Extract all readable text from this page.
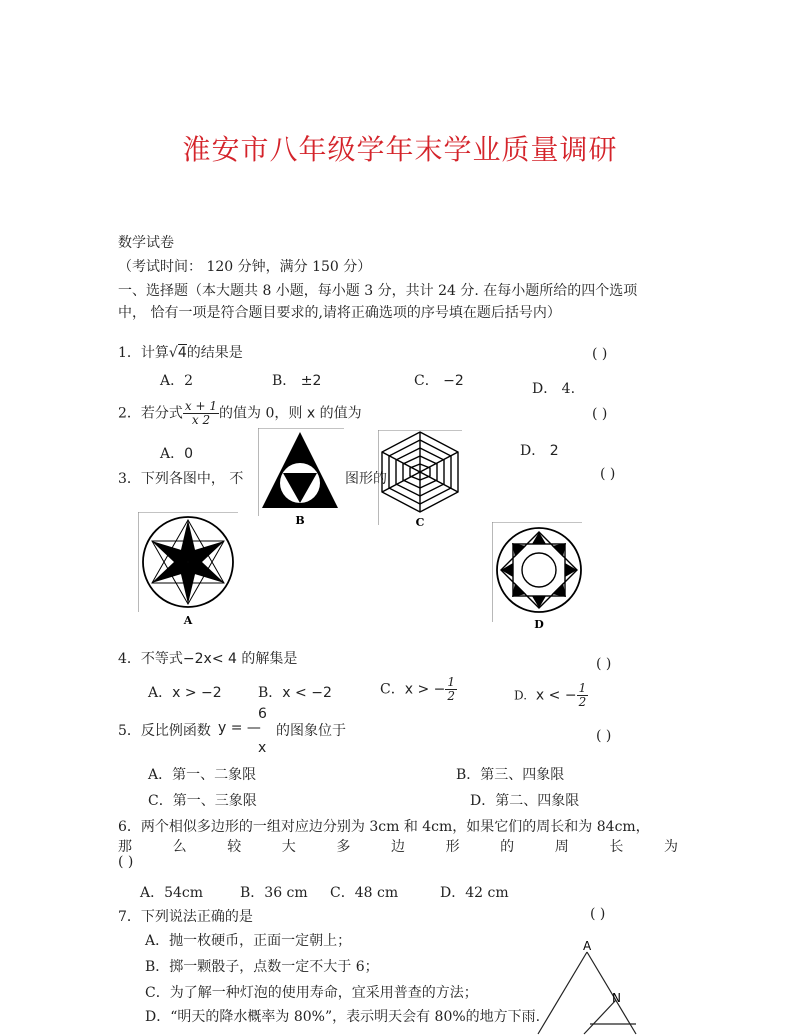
淮安市八年级学年末学业质量调研
数学试卷
（考试时间： 120 分钟，满分 150 分）
一、选择题（本大题共 8 小题，每小题 3 分，共计 24 分. 在每小题所给的四个选项
中， 恰有一项是符合题目要求的,请将正确选项的序号填在题后括号内）
1．计算√4的结果是	( )
A．2	B． ±2	C． −2	D． 4.
2．若分式 $\frac{x + 1}{x 2}$ 的值为 0，则 x 的值为	( )
A．0	D． 2
3．下列各图中， 不	图形的	( )
B	C
A	D
4．不等式−2x< 4 的解集是	( )
A．x > −2	B．x < −2	C．x > − $\frac{1}{2}$	D. x < − $\frac{1}{2}$
5．反比例函数 y = —
6
x
的图象位于	( )
A．第一、二象限	B．第三、四象限
C．第一、三象限	D．第二、四象限
6．两个相似多边形的一组对应边分别为 3cm 和 4cm，如果它们的周长和为 84cm，
那	么	较	大	多	边	形	的	周	长	为
( )
A．54cm	B．36 cm C．48 cm	D．42 cm
7．下列说法正确的是	( )
A．抛一枚硬币，正面一定朝上；
B．掷一颗骰子，点数一定不大于 6；
C．为了解一种灯泡的使用寿命，宜采用普查的方法；
D．“明天的降水概率为 80%”，表示明天会有 80%的地方下雨.
A
N
